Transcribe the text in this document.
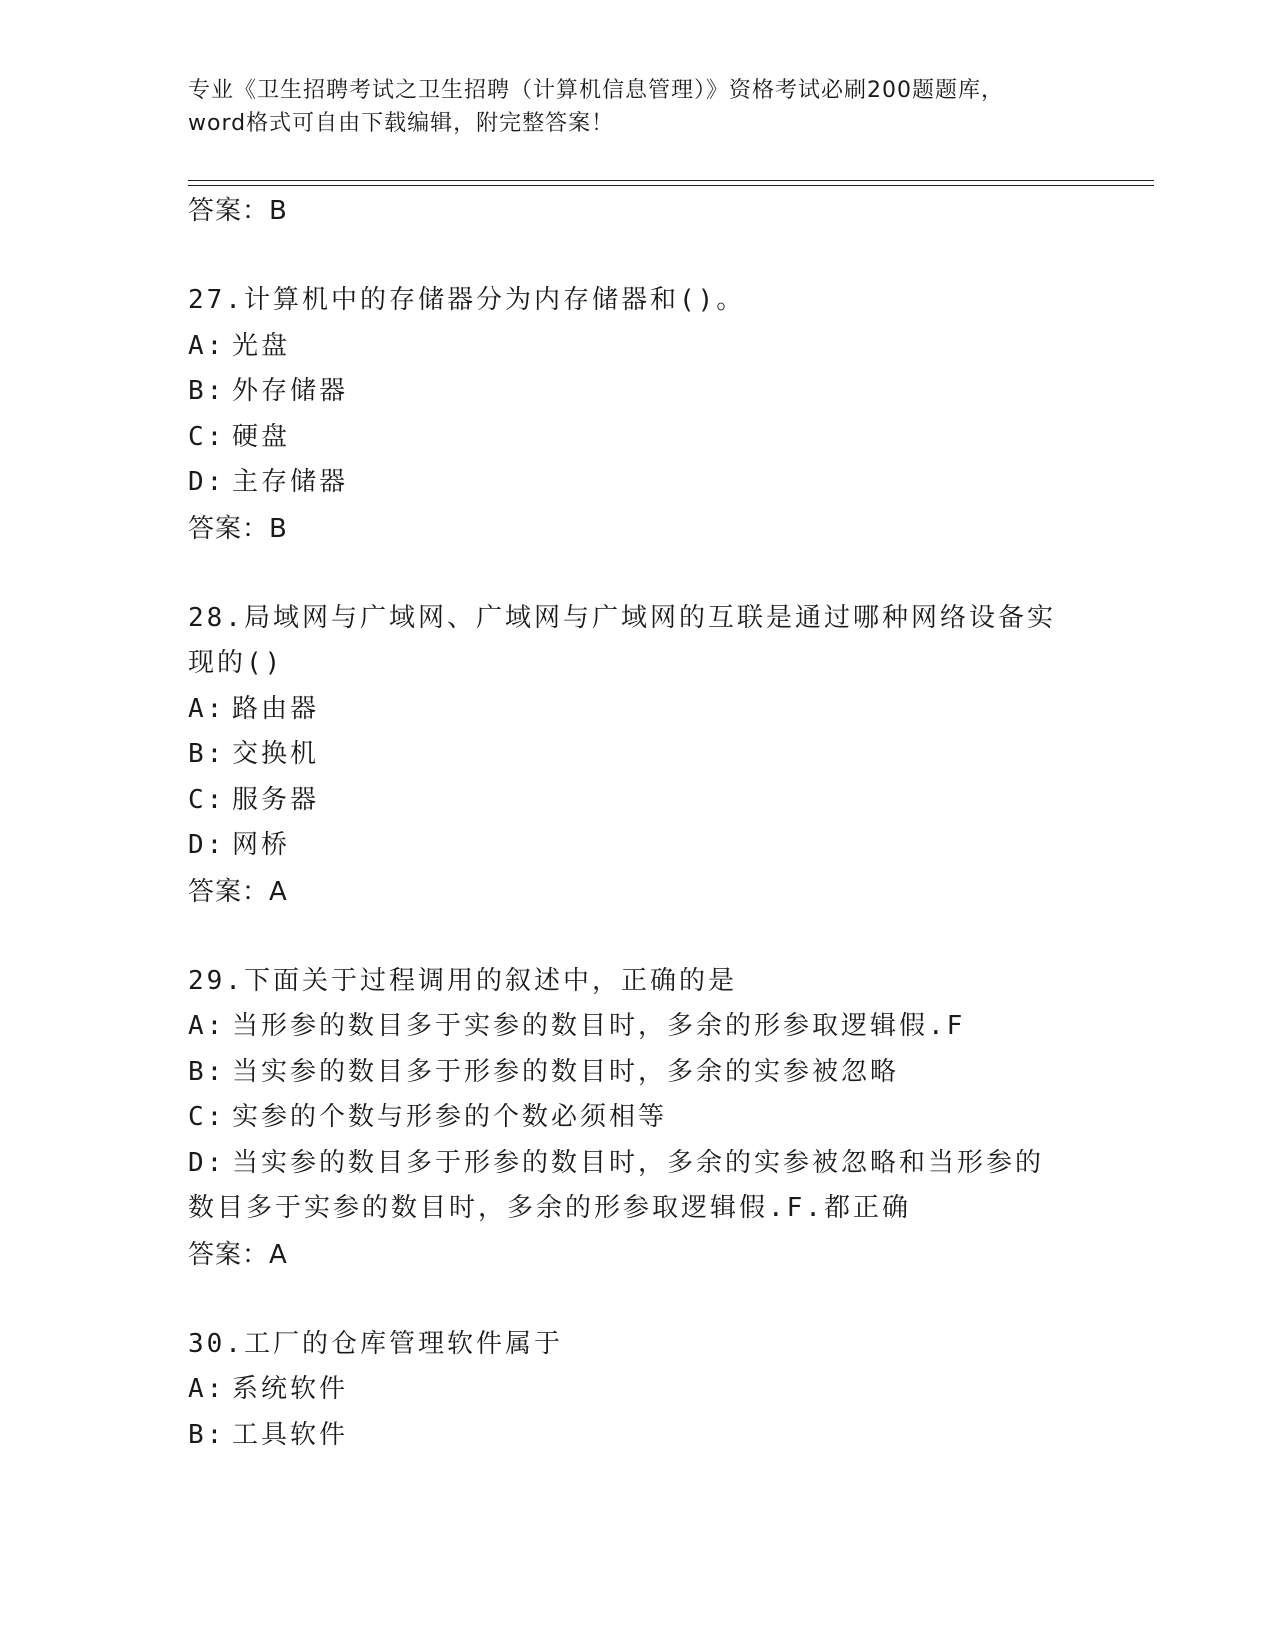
专业《卫生招聘考试之卫生招聘（计算机信息管理）》资格考试必刷200题题库，
word格式可自由下载编辑，附完整答案！

答案：B

27.计算机中的存储器分为内存储器和()。

A: 光盘

B: 外存储器

C: 硬盘

D: 主存储器

答案：B

28.局域网与广域网、广域网与广域网的互联是通过哪种网络设备实现的()

A: 路由器

B: 交换机

C: 服务器

D: 网桥

答案：A

29.下面关于过程调用的叙述中，正确的是

A: 当形参的数目多于实参的数目时，多余的形参取逻辑假.F

B: 当实参的数目多于形参的数目时，多余的实参被忽略

C: 实参的个数与形参的个数必须相等

D: 当实参的数目多于形参的数目时，多余的实参被忽略和当形参的数目多于实参的数目时，多余的形参取逻辑假.F.都正确

答案：A

30.工厂的仓库管理软件属于

A: 系统软件

B: 工具软件
